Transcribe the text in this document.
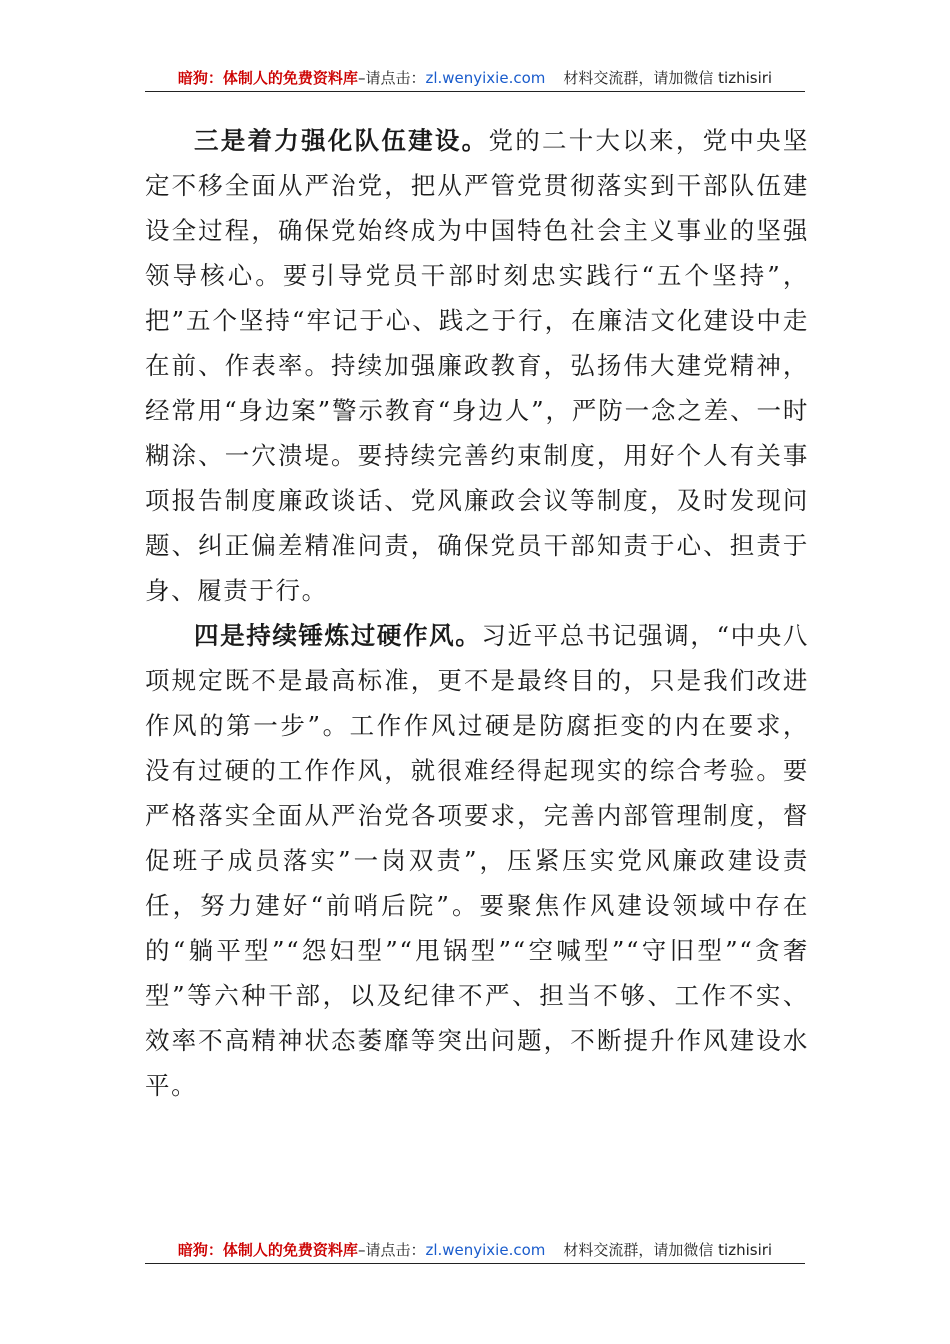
暗狗：体制人的免费资料库 –请点击： zl.wenyixie.com 材料交流群，请加微信 tizhisiri

三是着力强化队伍建设。党的二十大以来，党中央坚定不移全面从严治党，把从严管党贯彻落实到干部队伍建设全过程，确保党始终成为中国特色社会主义事业的坚强领导核心。要引导党员干部时刻忠实践行“五个坚持”，把”五个坚持“牢记于心、践之于行，在廉洁文化建设中走在前、作表率。持续加强廉政教育，弘扬伟大建党精神，经常用“身边案”警示教育“身边人”，严防一念之差、一时糊涂、一穴溃堤。要持续完善约束制度，用好个人有关事项报告制度廉政谈话、党风廉政会议等制度，及时发现问题、纠正偏差精准问责，确保党员干部知责于心、担责于身、履责于行。

四是持续锤炼过硬作风。习近平总书记强调，“中央八项规定既不是最高标准，更不是最终目的，只是我们改进作风的第一步”。工作作风过硬是防腐拒变的内在要求，没有过硬的工作作风，就很难经得起现实的综合考验。要严格落实全面从严治党各项要求，完善内部管理制度，督促班子成员落实”一岗双责”，压紧压实党风廉政建设责任，努力建好“前哨后院”。要聚焦作风建设领域中存在的“躺平型”“怨妇型”“甩锅型”“空喊型”“守旧型”“贪奢型”等六种干部，以及纪律不严、担当不够、工作不实、效率不高精神状态萎靡等突出问题，不断提升作风建设水平。

暗狗：体制人的免费资料库 –请点击： zl.wenyixie.com 材料交流群，请加微信 tizhisiri
